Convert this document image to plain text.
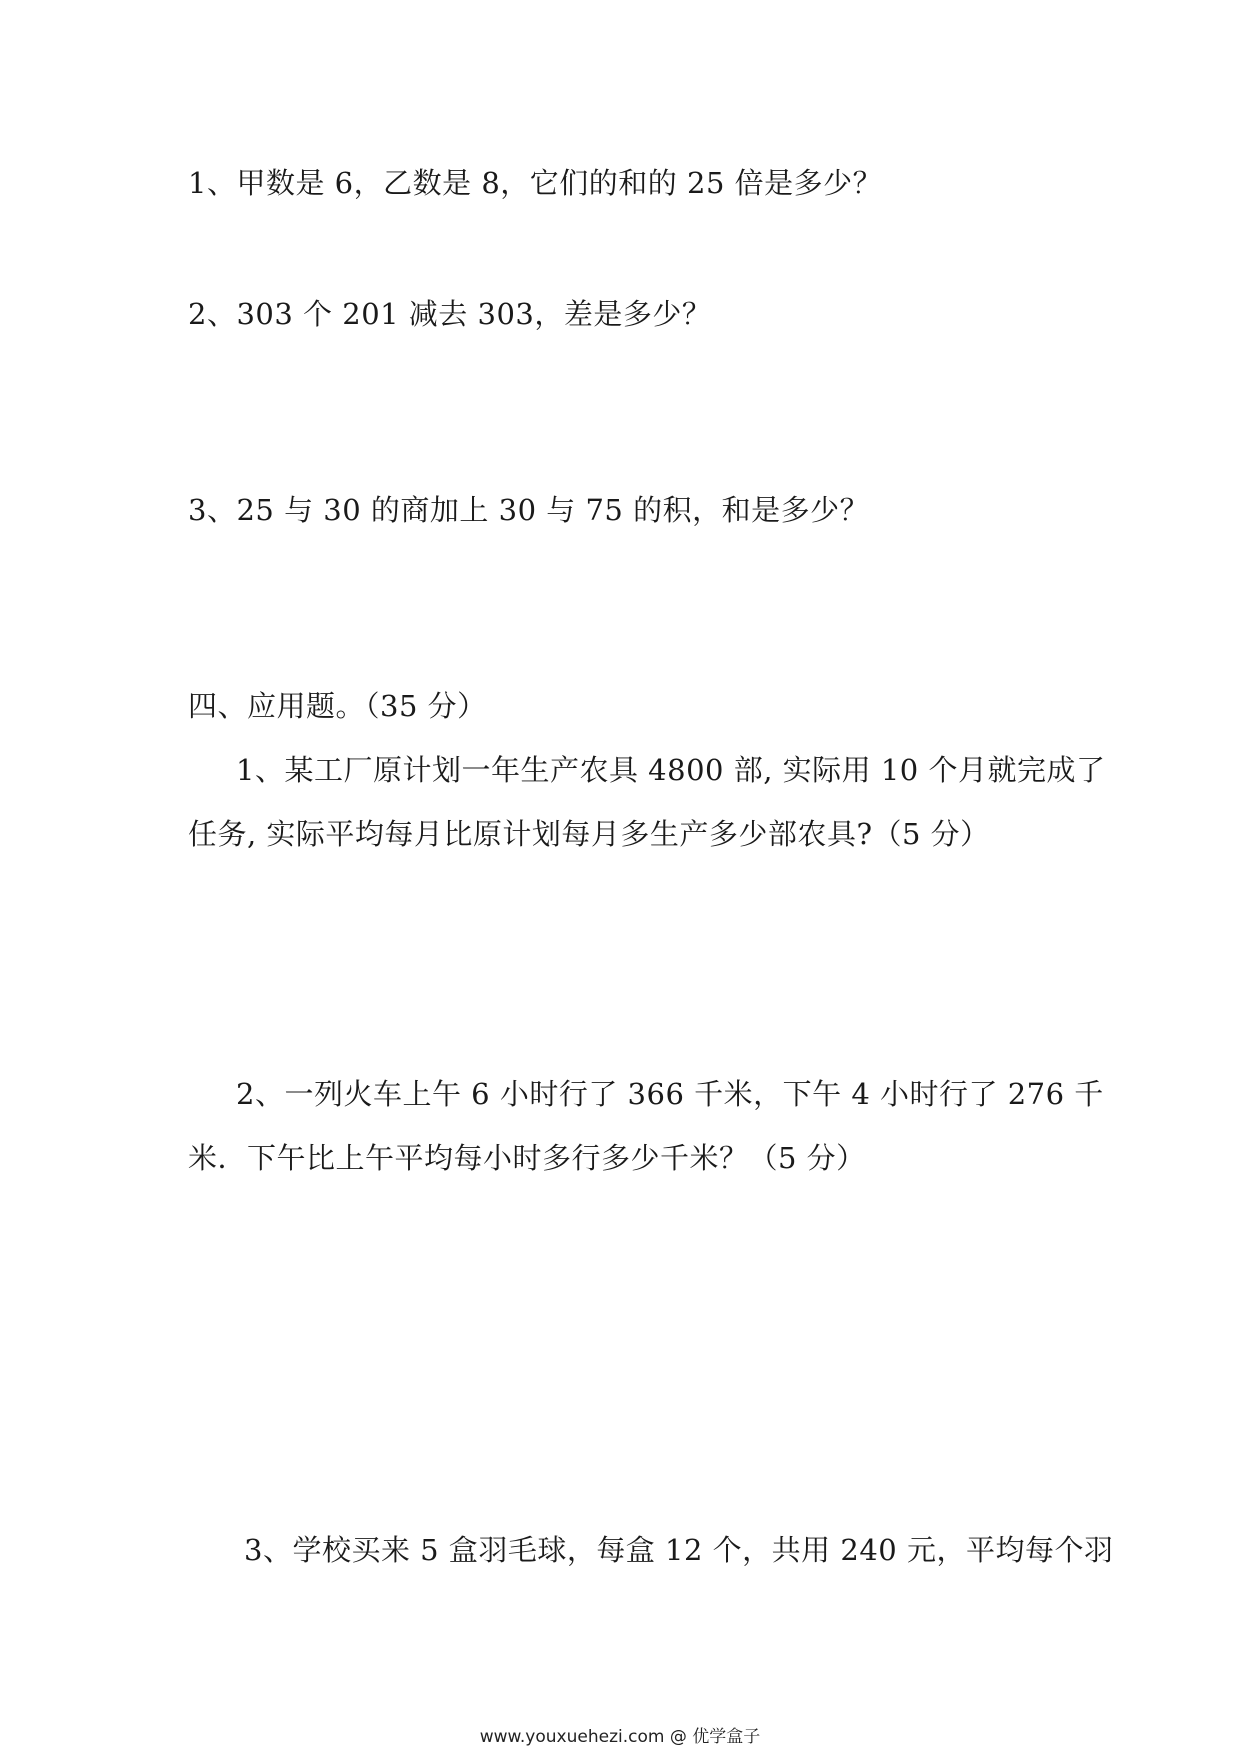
1、甲数是 6，乙数是 8，它们的和的 25 倍是多少？
2、303 个 201 减去 303，差是多少？
3、25 与 30 的商加上 30 与 75 的积，和是多少？
四、应用题。（35 分）
1、某工厂原计划一年生产农具 4800 部, 实际用 10 个月就完成了
任务, 实际平均每月比原计划每月多生产多少部农具?（5 分）
2、一列火车上午 6 小时行了 366 千米，下午 4 小时行了 276 千
米．下午比上午平均每小时多行多少千米？（5 分）
3、学校买来 5 盒羽毛球，每盒 12 个，共用 240 元，平均每个羽
www.youxuehezi.com @ 优学盒子
